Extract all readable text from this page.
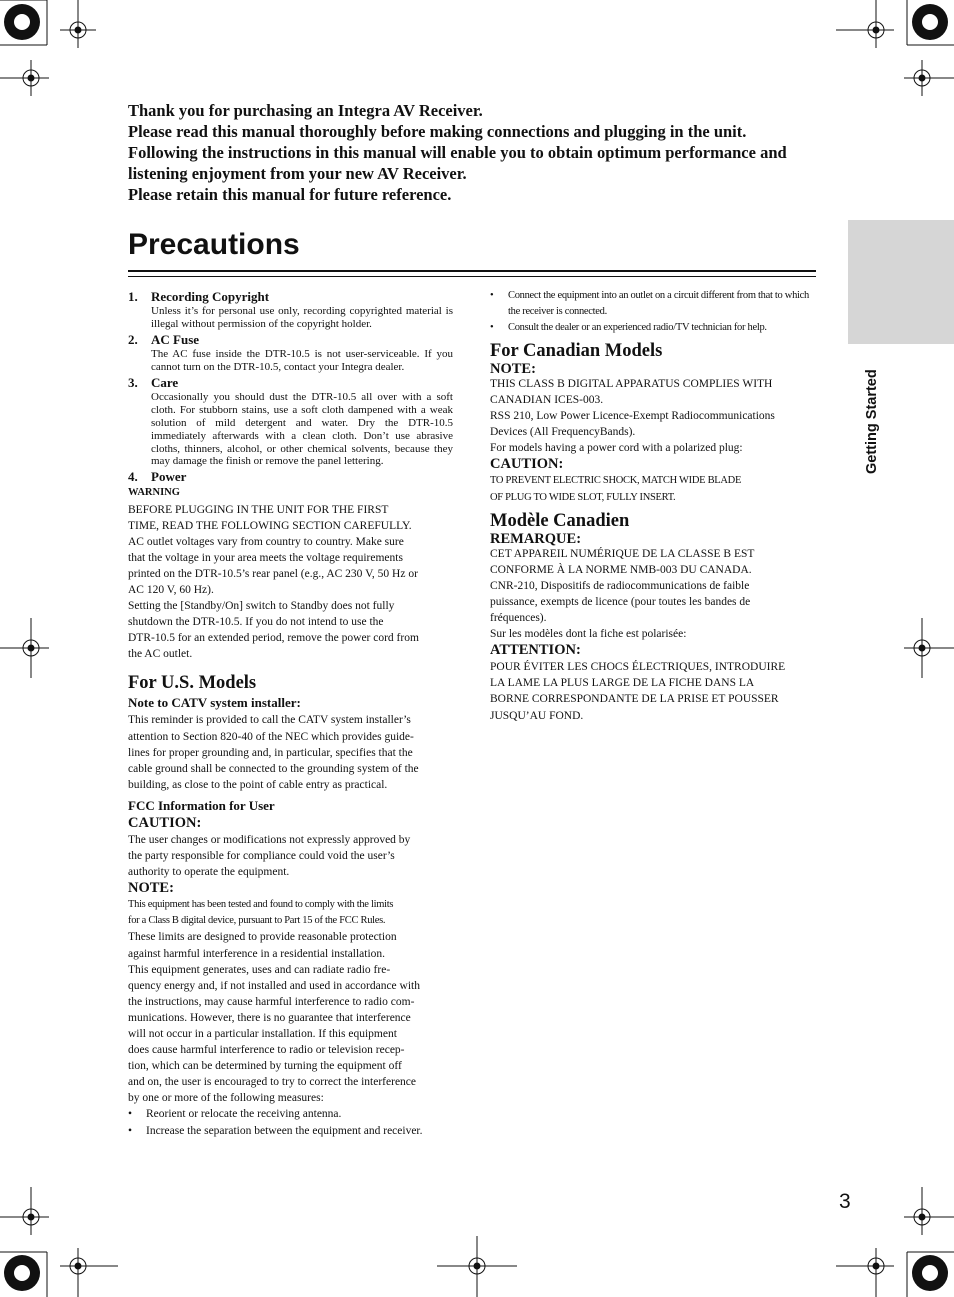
Getting Started
Thank you for purchasing an Integra AV Receiver.
Please read this manual thoroughly before making connections and plugging in the unit.
Following the instructions in this manual will enable you to obtain optimum performance and listening enjoyment from your new AV Receiver.
Please retain this manual for future reference.
Precautions
1. Recording Copyright
Unless it’s for personal use only, recording copyrighted material is illegal without permission of the copyright holder.
2. AC Fuse
The AC fuse inside the DTR-10.5 is not user-serviceable. If you cannot turn on the DTR-10.5, contact your Integra dealer.
3. Care
Occasionally you should dust the DTR-10.5 all over with a soft cloth. For stubborn stains, use a soft cloth dampened with a weak solution of mild detergent and water. Dry the DTR-10.5 immediately afterwards with a clean cloth. Don’t use abrasive cloths, thinners, alcohol, or other chemical solvents, because they may damage the finish or remove the panel lettering.
4. Power
WARNING

BEFORE PLUGGING IN THE UNIT FOR THE FIRST

TIME, READ THE FOLLOWING SECTION CAREFULLY.

AC outlet voltages vary from country to country. Make sure

that the voltage in your area meets the voltage requirements

printed on the DTR-10.5’s rear panel (e.g., AC 230 V, 50 Hz or

AC 120 V, 60 Hz).

Setting the [Standby/On] switch to Standby does not fully

shutdown the DTR-10.5. If you do not intend to use the

DTR-10.5 for an extended period, remove the power cord from

the AC outlet.

For U.S. Models
Note to CATV system installer:

This reminder is provided to call the CATV system installer’s

attention to Section 820-40 of the NEC which provides guide-

lines for proper grounding and, in particular, specifies that the

cable ground shall be connected to the grounding system of the

building, as close to the point of cable entry as practical.

FCC Information for User
CAUTION:

The user changes or modifications not expressly approved by

the party responsible for compliance could void the user’s

authority to operate the equipment.

NOTE:

This equipment has been tested and found to comply with the limits

for a Class B digital device, pursuant to Part 15 of the FCC Rules.

These limits are designed to provide reasonable protection

against harmful interference in a residential installation.

This equipment generates, uses and can radiate radio fre-

quency energy and, if not installed and used in accordance with

the instructions, may cause harmful interference to radio com-

munications. However, there is no guarantee that interference

will not occur in a particular installation. If this equipment

does cause harmful interference to radio or television recep-

tion, which can be determined by turning the equipment off

and on, the user is encouraged to try to correct the interference

by one or more of the following measures:

• Reorient or relocate the receiving antenna.
• Increase the separation between the equipment and receiver.
• Connect the equipment into an outlet on a circuit different from that to which the receiver is connected.
• Consult the dealer or an experienced radio/TV technician for help.
For Canadian Models
NOTE:

THIS CLASS B DIGITAL APPARATUS COMPLIES WITH

CANADIAN ICES-003.

RSS 210, Low Power Licence-Exempt Radiocommunications

Devices (All FrequencyBands).

For models having a power cord with a polarized plug:

CAUTION:

TO PREVENT ELECTRIC SHOCK, MATCH WIDE BLADE

OF PLUG TO WIDE SLOT, FULLY INSERT.

Modèle Canadien
REMARQUE:

CET APPAREIL NUMÉRIQUE DE LA CLASSE B EST

CONFORME À LA NORME NMB-003 DU CANADA.

CNR-210, Dispositifs de radiocommunications de faible

puissance, exempts de licence (pour toutes les bandes de

fréquences).

Sur les modèles dont la fiche est polarisée:

ATTENTION:

POUR ÉVITER LES CHOCS ÉLECTRIQUES, INTRODUIRE

LA LAME LA PLUS LARGE DE LA FICHE DANS LA

BORNE CORRESPONDANTE DE LA PRISE ET POUSSER

JUSQU’AU FOND.

3
